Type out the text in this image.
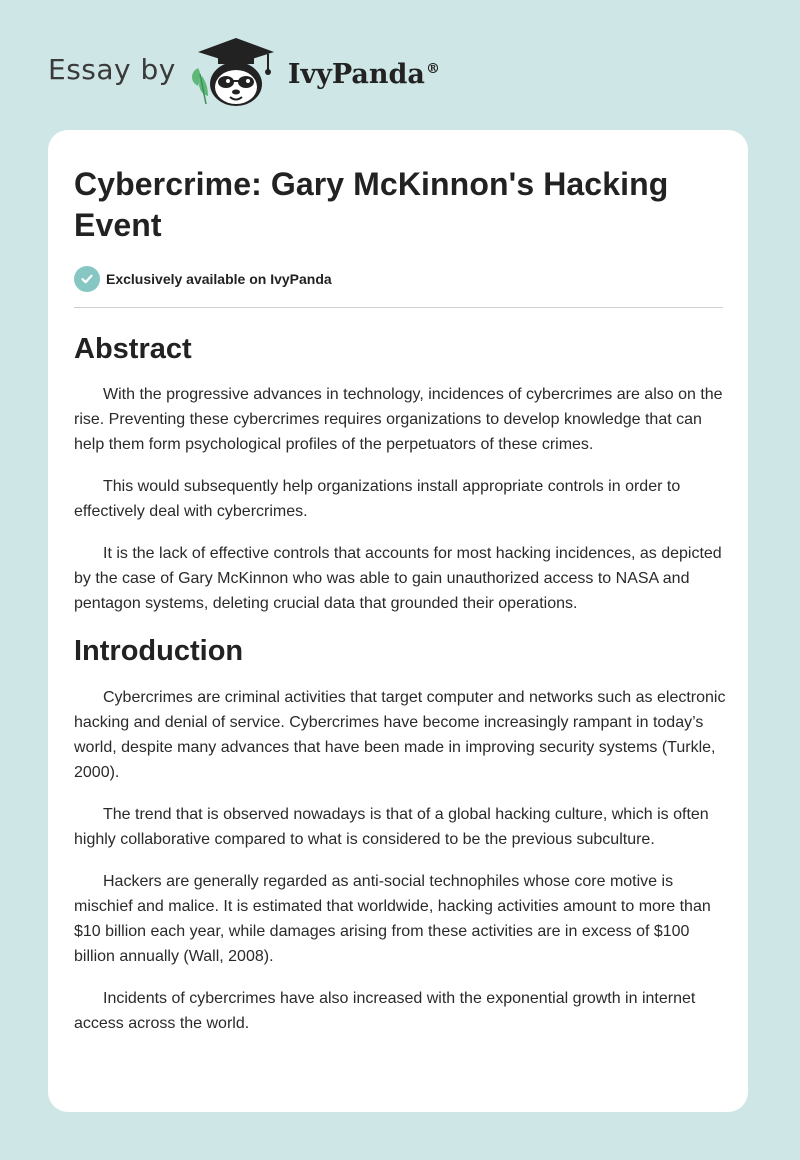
Essay by	IvyPanda®
Cybercrime: Gary McKinnon's Hacking Event
Exclusively available on IvyPanda
Abstract

With the progressive advances in technology, incidences of cybercrimes are also on the rise. Preventing these cybercrimes requires organizations to develop knowledge that can help them form psychological profiles of the perpetuators of these crimes.

This would subsequently help organizations install appropriate controls in order to effectively deal with cybercrimes.

It is the lack of effective controls that accounts for most hacking incidences, as depicted by the case of Gary McKinnon who was able to gain unauthorized access to NASA and pentagon systems, deleting crucial data that grounded their operations.

Introduction

Cybercrimes are criminal activities that target computer and networks such as electronic hacking and denial of service. Cybercrimes have become increasingly rampant in today’s world, despite many advances that have been made in improving security systems (Turkle, 2000).

The trend that is observed nowadays is that of a global hacking culture, which is often highly collaborative compared to what is considered to be the previous subculture.

Hackers are generally regarded as anti-social technophiles whose core motive is mischief and malice. It is estimated that worldwide, hacking activities amount to more than $10 billion each year, while damages arising from these activities are in excess of $100 billion annually (Wall, 2008).

Incidents of cybercrimes have also increased with the exponential growth in internet access across the world.
